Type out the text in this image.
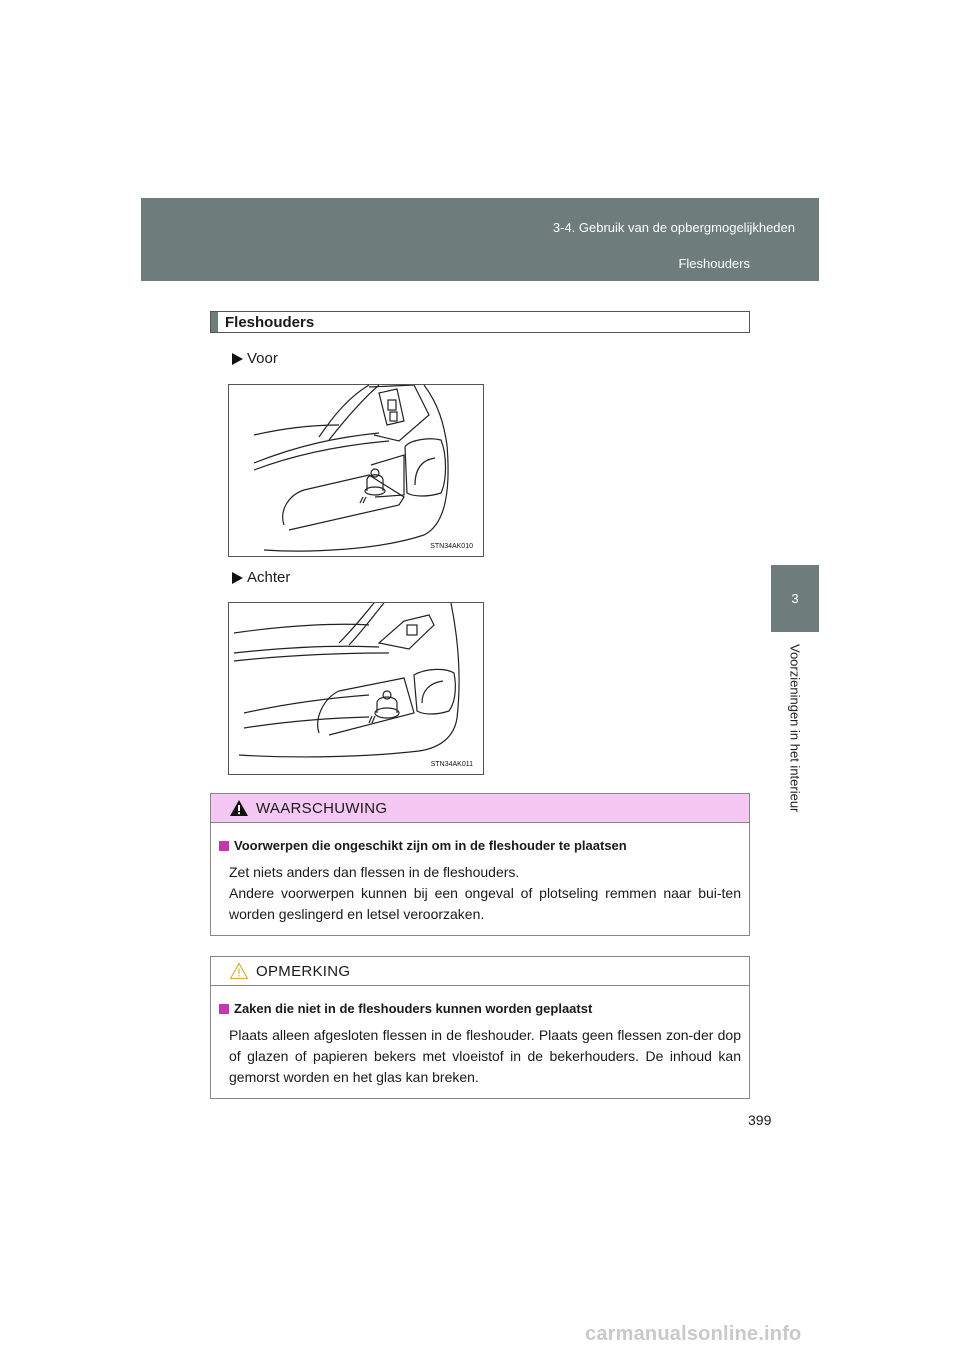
3-4. Gebruik van de opbergmogelijkheden
Fleshouders
3
Voorzieningen in het interieur
Fleshouders
Voor
STN34AK010
Achter
STN34AK011
WAARSCHUWING
Voorwerpen die ongeschikt zijn om in de fleshouder te plaatsen

Zet niets anders dan flessen in de fleshouders.

Andere voorwerpen kunnen bij een ongeval of plotseling remmen naar bui-ten worden geslingerd en letsel veroorzaken.

OPMERKING
Zaken die niet in de fleshouders kunnen worden geplaatst

Plaats alleen afgesloten flessen in de fleshouder. Plaats geen flessen zon-der dop of glazen of papieren bekers met vloeistof in de bekerhouders. De inhoud kan gemorst worden en het glas kan breken.

399
carmanualsonline.info
